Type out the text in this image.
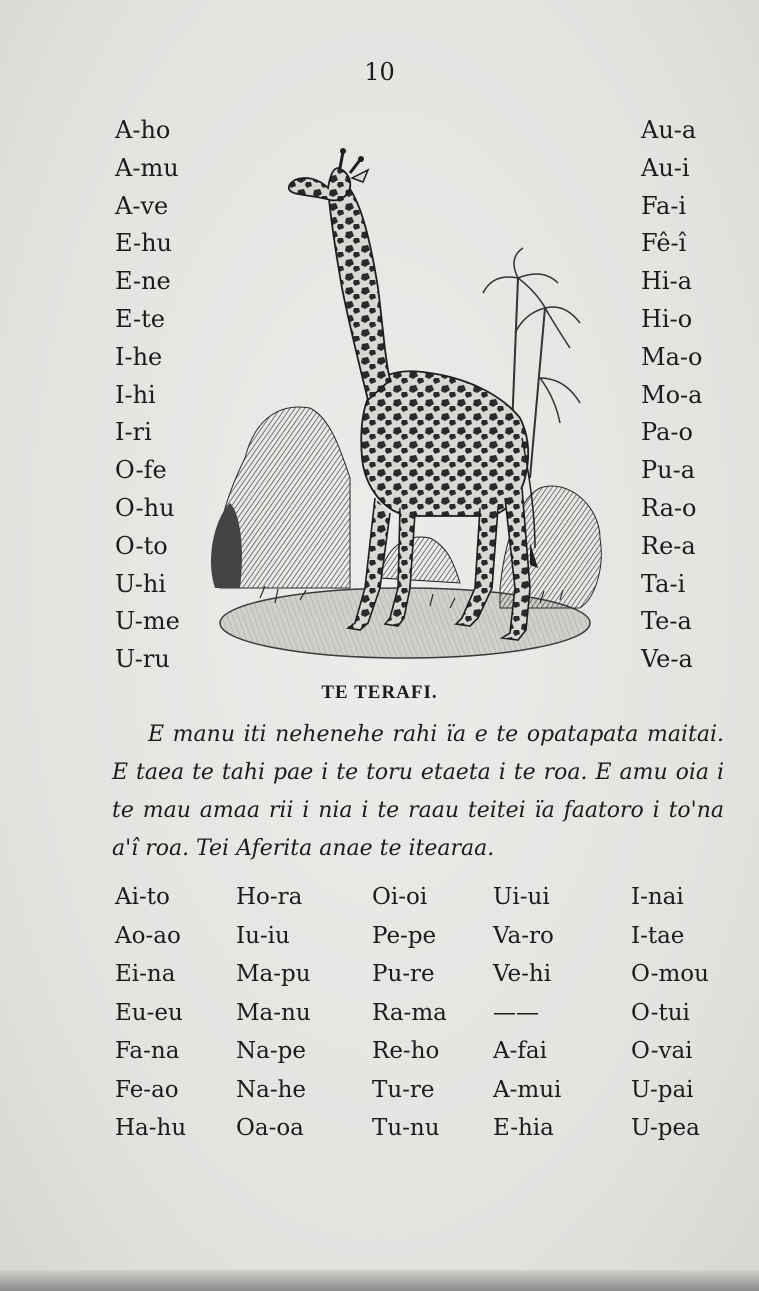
10
A-ho
A-mu
A-ve
E-hu
E-ne
E-te
I-he
I-hi
I-ri
O-fe
O-hu
O-to
U-hi
U-me
U-ru
Au-a
Au-i
Fa-i
Fê-î
Hi-a
Hi-o
Ma-o
Mo-a
Pa-o
Pu-a
Ra-o
Re-a
Ta-i
Te-a
Ve-a
TE TERAFI.

E manu iti nehenehe rahi ïa e te opatapata maitai. E taea te tahi pae i te toru etaeta i te roa. E amu oia i te mau amaa rii i nia i te raau teitei ïa faatoro i to'na a'î roa. Tei Aferita anae te itearaa.

Ai-to	Ho-ra	Oi-oi	Ui-ui	I-nai
Ao-ao	Iu-iu	Pe-pe	Va-ro	I-tae
Ei-na	Ma-pu	Pu-re	Ve-hi	O-mou
Eu-eu	Ma-nu	Ra-ma	——	O-tui
Fa-na	Na-pe	Re-ho	A-fai	O-vai
Fe-ao	Na-he	Tu-re	A-mui	U-pai
Ha-hu	Oa-oa	Tu-nu	E-hia	U-pea
